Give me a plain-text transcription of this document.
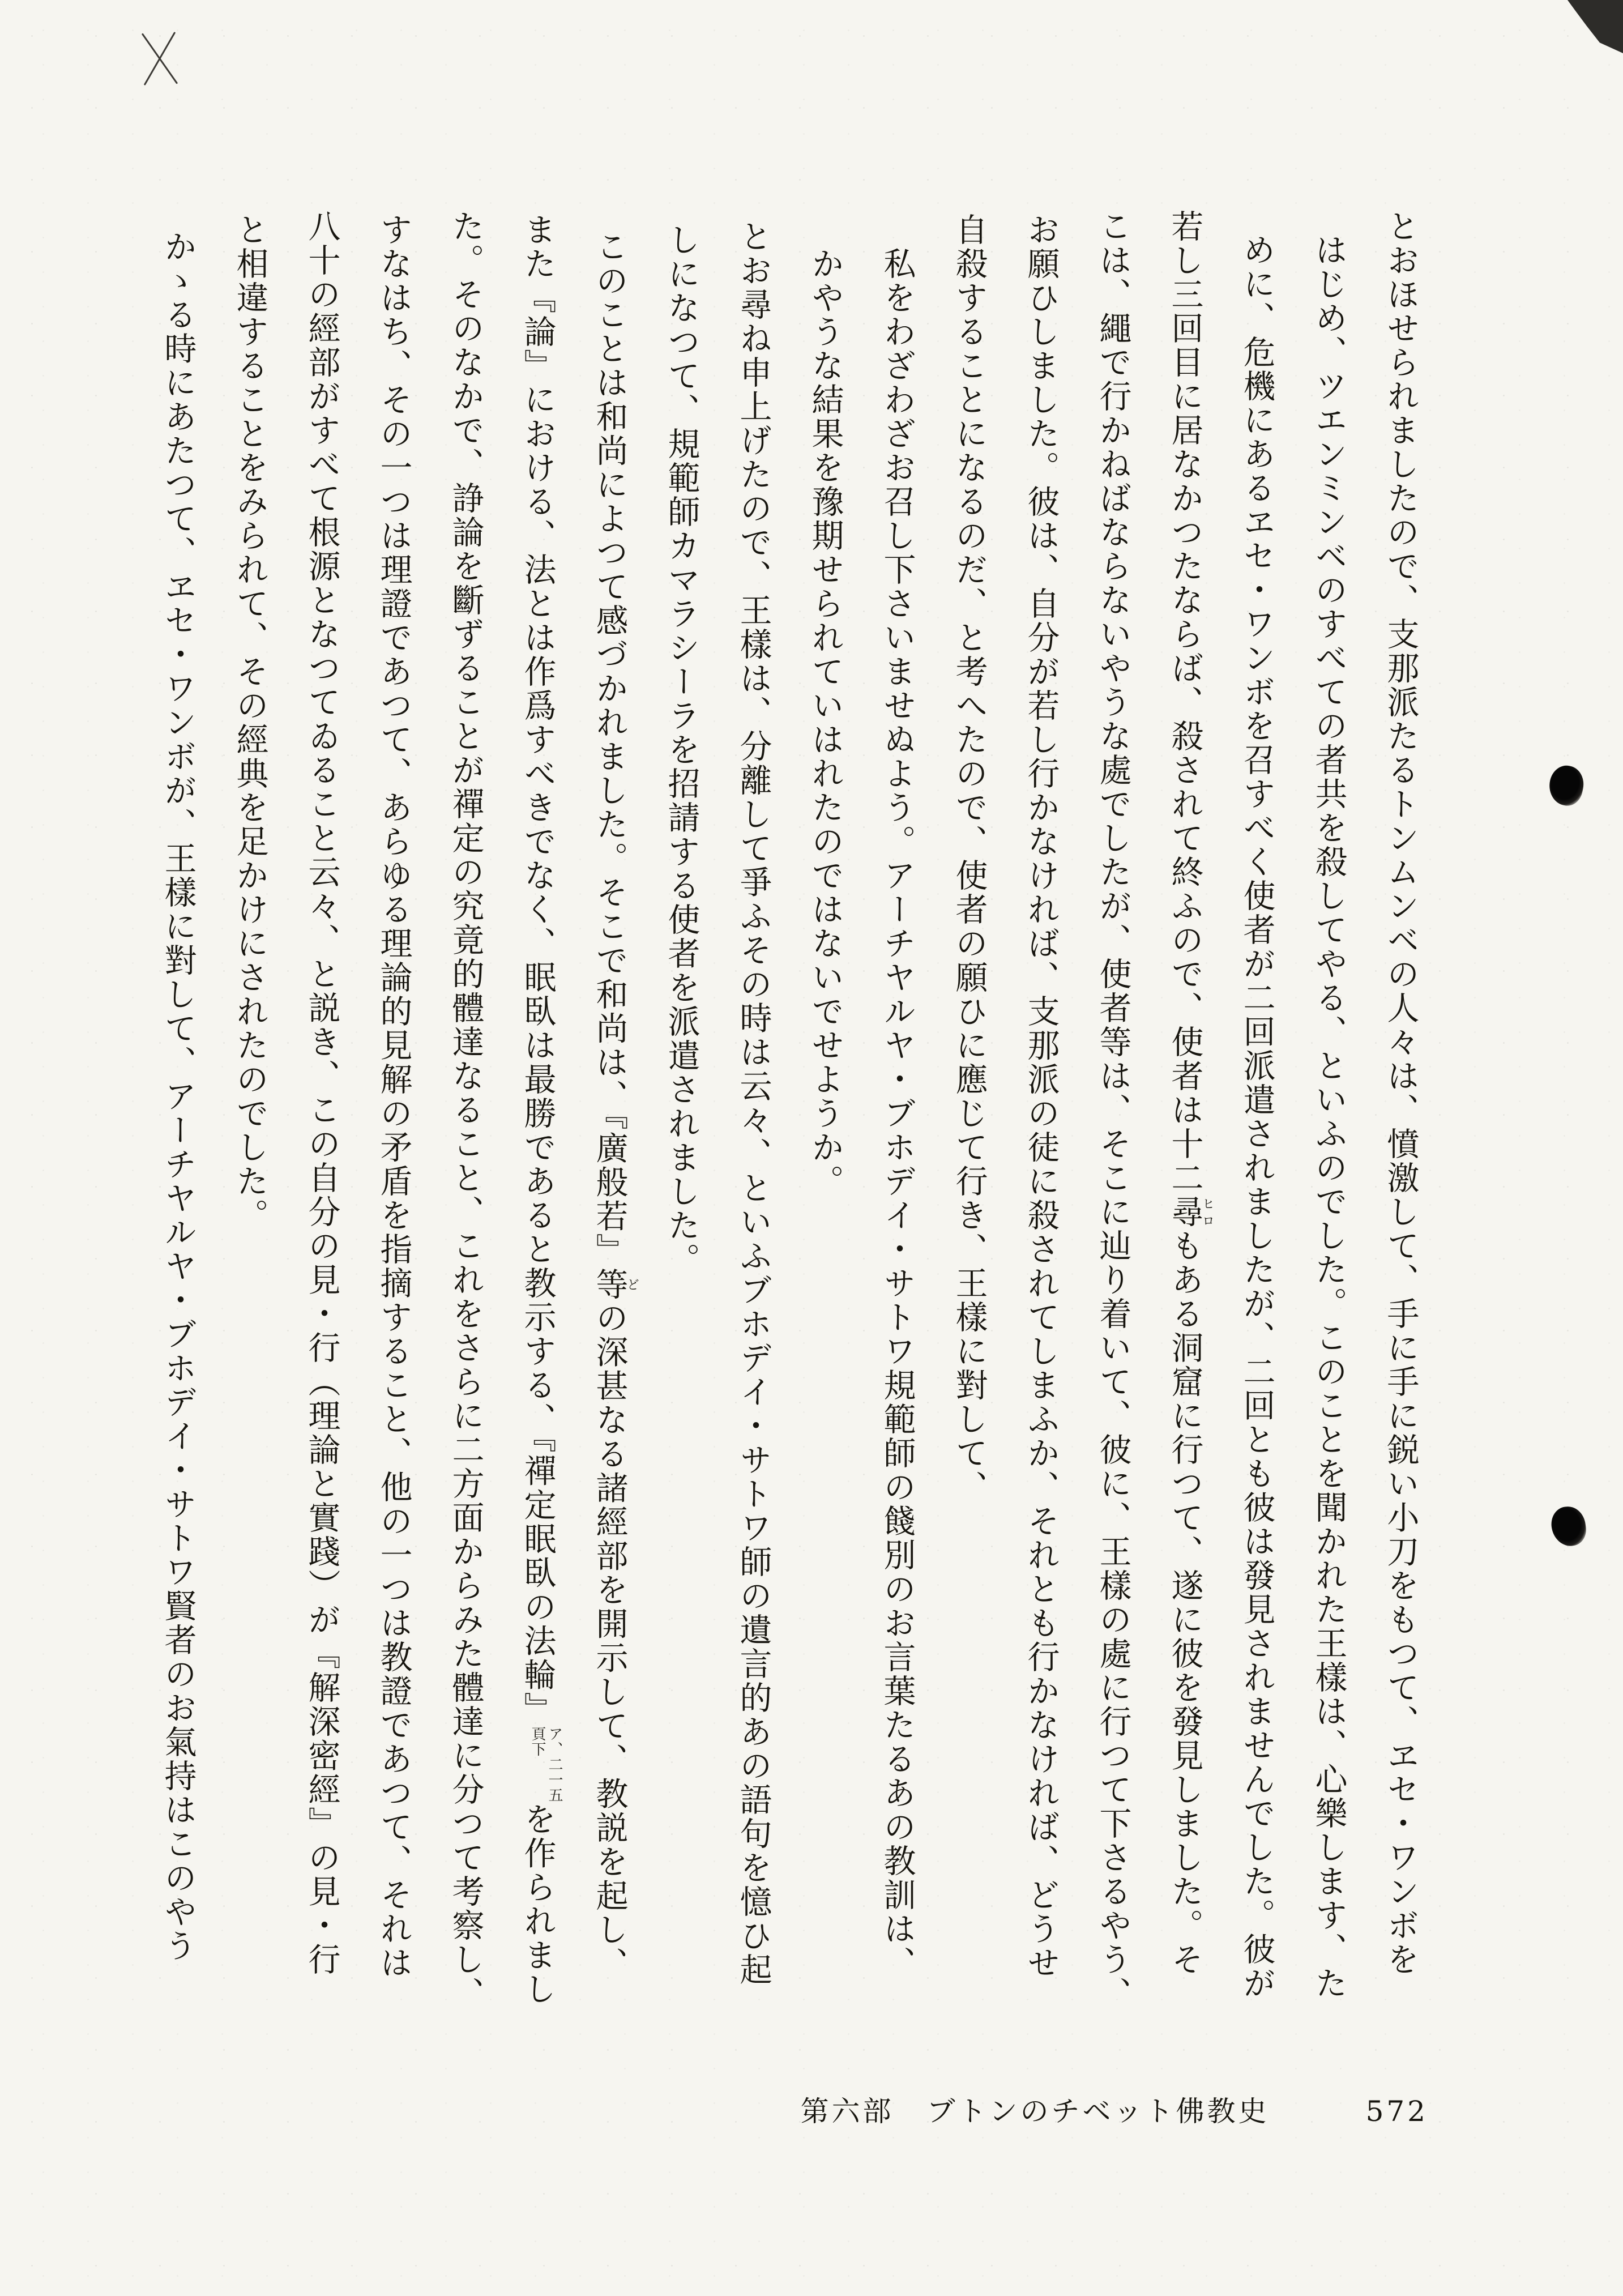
とおほせられましたので、支那派たるトンムンベの人々は、憤激して、手に手に鋭い小刀をもつて、ヱセ・ワンボを

はじめ、ツエンミンベのすべての者共を殺してやる、といふのでした。このことを聞かれた王樣は、心樂します、た

めに、危機にあるヱセ・ワンボを召すべく使者が二回派遣されましたが、二回とも彼は發見されませんでした。彼が

若し三回目に居なかつたならば、殺されて終ふので、使者は十二尋ヒロもある洞窟に行つて、遂に彼を發見しました。そ

こは、繩で行かねばならないやうな處でしたが、使者等は、そこに辿り着いて、彼に、王樣の處に行つて下さるやう、

お願ひしました。彼は、自分が若し行かなければ、支那派の徒に殺されてしまふか、それとも行かなければ、どうせ

自殺することになるのだ、と考へたので、使者の願ひに應じて行き、王樣に對して、

私をわざわざお召し下さいませぬよう。アーチヤルヤ・ブホデイ・サトワ規範師の餞別のお言葉たるあの教訓は、

かやうな結果を豫期せられていはれたのではないでせようか。

とお尋ね申上げたので、王樣は、分離して爭ふその時は云々、といふブホデイ・サトワ師の遺言的あの語句を憶ひ起

しになつて、規範師カマラシーラを招請する使者を派遣されました。

このことは和尚によつて感づかれました。そこで和尚は、『廣般若』等どの深甚なる諸經部を開示して、教説を起し、

また『論』における、法とは作爲すべきでなく、眠臥は最勝であると教示する、『禪定眠臥の法輪』ア、二一五頁下を作られまし

た。そのなかで、諍論を斷ずることが禪定の究竟的體達なること、これをさらに二方面からみた體達に分つて考察し、

すなはち、その一つは理證であつて、あらゆる理論的見解の矛盾を指摘すること、他の一つは教證であつて、それは

八十の經部がすべて根源となつてゐること云々、と説き、この自分の見・行（理論と實踐）が『解深密經』の見・行

と相違することをみられて、その經典を足かけにされたのでした。

かゝる時にあたつて、ヱセ・ワンボが、王樣に對して、アーチヤルヤ・ブホデイ・サトワ賢者のお氣持はこのやう

第六部 ブトンのチベット佛教史	572
